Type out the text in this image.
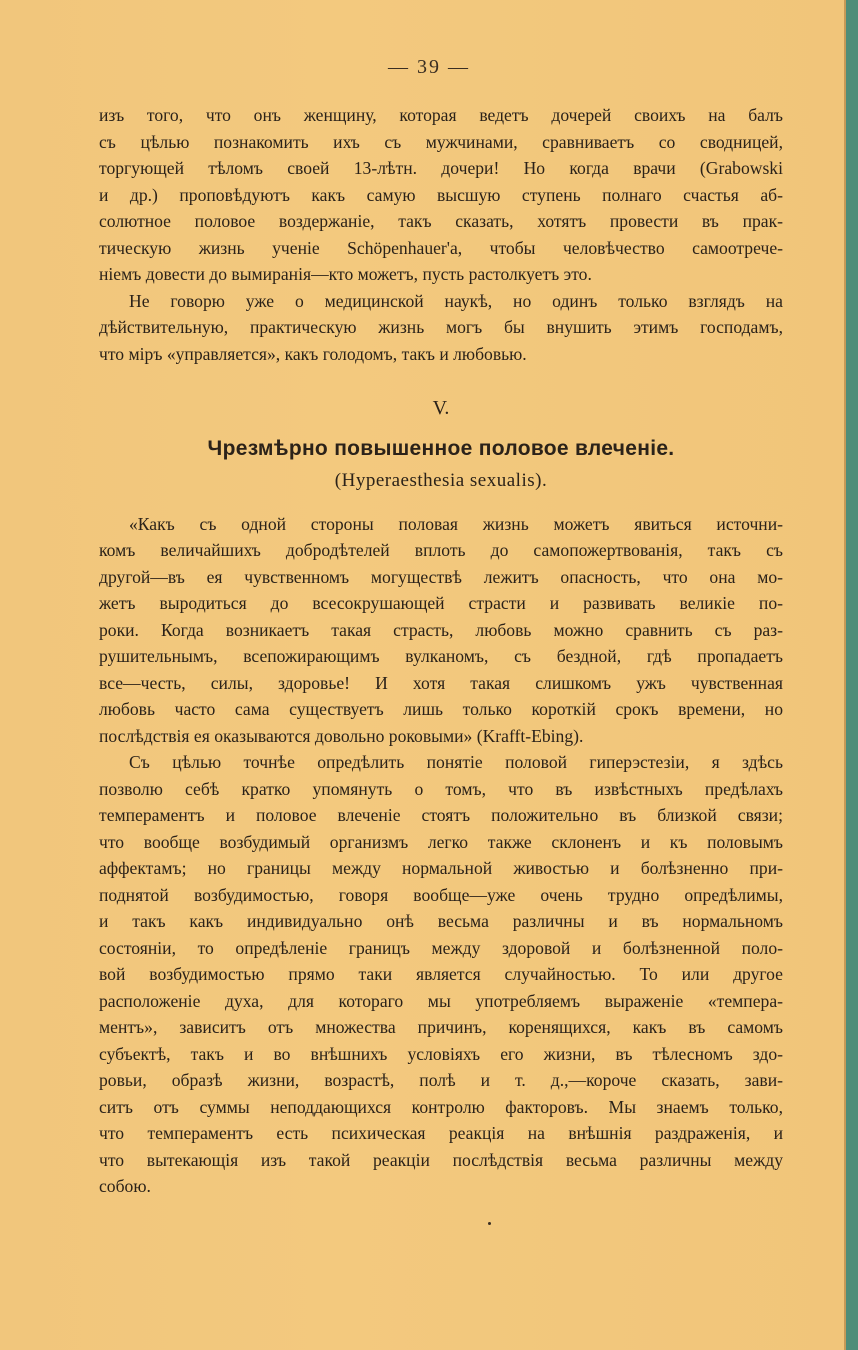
— 39 —

изъ того, что онъ женщину, которая ведетъ дочерей своихъ на балъ
съ цѣлью познакомить ихъ съ мужчинами, сравниваетъ со сводницей,
торгующей тѣломъ своей 13-лѣтн. дочери! Но когда врачи (Grabowski
и др.) проповѣдуютъ какъ самую высшую ступень полнаго счастья аб-
солютное половое воздержаніе, такъ сказать, хотятъ провести въ прак-
тическую жизнь ученіе Schöpenhauer'а, чтобы человѣчество самоотрече-
ніемъ довести до вымиранія—кто можетъ, пусть растолкуетъ это.

Не говорю уже о медицинской наукѣ, но одинъ только взглядъ на
дѣйствительную, практическую жизнь могъ бы внушить этимъ господамъ,
что міръ «управляется», какъ голодомъ, такъ и любовью.

V.
Чрезмѣрно повышенное половое влеченіе.
(Hyperaesthesia sexualis).

«Какъ съ одной стороны половая жизнь можетъ явиться источни-
комъ величайшихъ добродѣтелей вплоть до самопожертвованія, такъ съ
другой—въ ея чувственномъ могуществѣ лежитъ опасность, что она мо-
жетъ выродиться до всесокрушающей страсти и развивать великіе по-
роки. Когда возникаетъ такая страсть, любовь можно сравнить съ раз-
рушительнымъ, всепожирающимъ вулканомъ, съ бездной, гдѣ пропадаетъ
все—честь, силы, здоровье! И хотя такая слишкомъ ужъ чувственная
любовь часто сама существуетъ лишь только короткій срокъ времени, но
послѣдствія ея оказываются довольно роковыми» (Krafft-Ebing).

Съ цѣлью точнѣе опредѣлить понятіе половой гиперэстезіи, я здѣсь
позволю себѣ кратко упомянуть о томъ, что въ извѣстныхъ предѣлахъ
темпераментъ и половое влеченіе стоятъ положительно въ близкой связи;
что вообще возбудимый организмъ легко также склоненъ и къ половымъ
аффектамъ; но границы между нормальной живостью и болѣзненно при-
поднятой возбудимостью, говоря вообще—уже очень трудно опредѣлимы,
и такъ какъ индивидуально онѣ весьма различны и въ нормальномъ
состояніи, то опредѣленіе границъ между здоровой и болѣзненной поло-
вой возбудимостью прямо таки является случайностью. То или другое
расположеніе духа, для котораго мы употребляемъ выраженіе «темпера-
ментъ», зависитъ отъ множества причинъ, коренящихся, какъ въ самомъ
субъектѣ, такъ и во внѣшнихъ условіяхъ его жизни, въ тѣлесномъ здо-
ровьи, образѣ жизни, возрастѣ, полѣ и т. д.,—короче сказать, зави-
ситъ отъ суммы неподдающихся контролю факторовъ. Мы знаемъ только,
что темпераментъ есть психическая реакція на внѣшнія раздраженія, и
что вытекающія изъ такой реакціи послѣдствія весьма различны между
собою.
